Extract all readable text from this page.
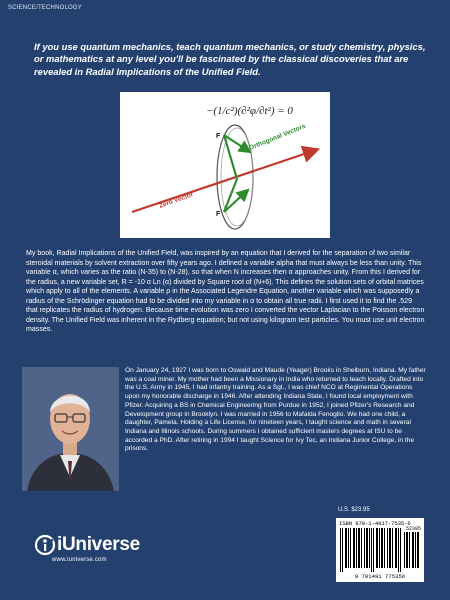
SCIENCE/TECHNOLOGY
If you use quantum mechanics, teach quantum mechanics, or study chemistry, physics, or mathematics at any level you'll be fascinated by the classical discoveries that are revealed in Radial Implications of the Unified Field.
−(1/c²)(∂²φ/∂t²) = 0
F
F
Orthogonal Vectors
Zero Vector
My book, Radial Implications of the Unified Field, was inspired by an equation that I derived for the separation of two similar steroidal materials by solvent extraction over fifty years ago. I defined a variable alpha that must always be less than unity. This variable α, which varies as the ratio (N-35) to (N-28), so that when N increases then α approaches unity. From this I derived for the radius, a new variable set, R = -10 α Ln (α) divided by Square root of (N+6). This defines the solution sets of orbital matrices which apply to all of the elements. A variable ρ in the Associated Legendre Equation, another variable which was supposedly a radius of the Schrödinger equation had to be divided into my variable in α to obtain all true radii. I first used it to find the .529 that replicates the radius of hydrogen. Because time evolution was zero I converted the vector Laplacian to the Poisson electron density. The Unified Field was inherent in the Rydberg equation; but not using kilogram test particles. You must use unit electron masses.
On January 24, 1927 I was born to Oswald and Maude (Yeager) Brooks in Shelburn, Indiana. My father was a coal miner. My mother had been a Missionary in India who returned to teach locally. Drafted into the U.S. Army in 1945, I had infantry training. As a Sgt., I was chief NCO at Regimental Operations upon my honorable discharge in 1946. After attending Indiana State, I found local employment with Pfizer. Acquiring a BS in Chemical Engineering from Purdue in 1952, I joined Pfizer's Research and Development group in Brooklyn. I was married in 1956 to Mafalda Fenoglio. We had one child, a daughter, Pamela. Holding a Life License, for nineteen years, I taught science and math in several Indiana and Illinois schools. During summers I obtained sufficient masters degrees at ISU to be accorded a PhD. After retiring in 1994 I taught Science for Ivy Tec, an Indiana Junior College, in the prisons.
U.S. $23.95
ISBN 978-1-4917-7535-6
52395
9 781491 775356
iUniverse
www.iuniverse.com
